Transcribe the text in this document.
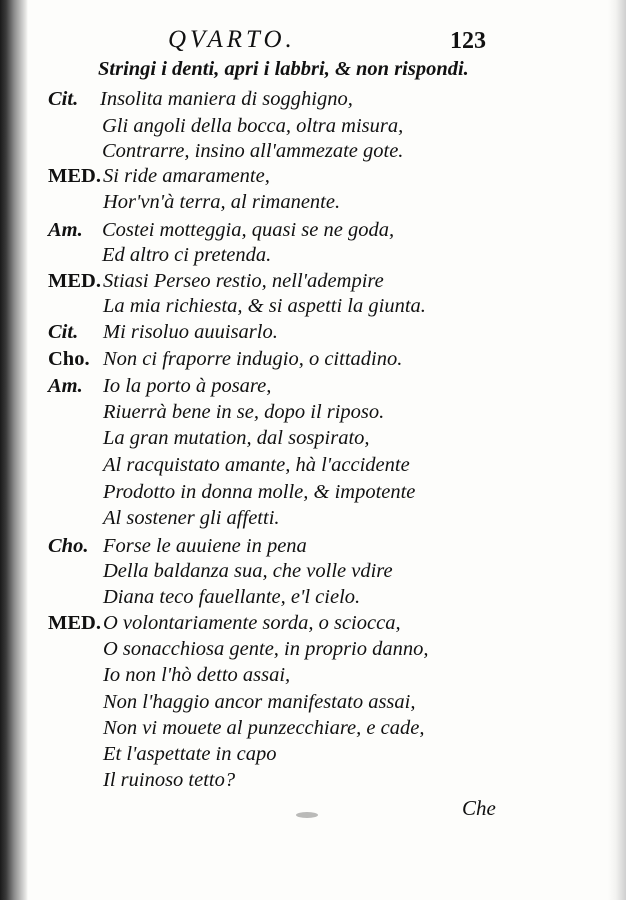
QVARTO.	123
Stringi i denti, apri i labbri, & non rispondi.
Cit. Insolita maniera di sogghigno,
Gli angoli della bocca, oltra misura,
Contrarre, insino all'ammezate gote.
MED. Si ride amaramente,
Hor'vn'à terra, al rimanente.
Am. Costei motteggia, quasi se ne goda,
Ed altro ci pretenda.
MED. Stiasi Perseo restio, nell'adempire
La mia richiesta, & si aspetti la giunta.
Cit. Mi risoluo auuisarlo.
Cho. Non ci fraporre indugio, o cittadino.
Am. Io la porto à posare,
Riuerrà bene in se, dopo il riposo.
La gran mutation, dal sospirato,
Al racquistato amante, hà l'accidente
Prodotto in donna molle, & impotente
Al sostener gli affetti.
Cho. Forse le auuiene in pena
Della baldanza sua, che volle vdire
Diana teco fauellante, e'l cielo.
MED. O volontariamente sorda, o sciocca,
O sonacchiosa gente, in proprio danno,
Io non l'hò detto assai,
Non l'haggio ancor manifestato assai,
Non vi mouete al punzecchiare, e cade,
Et l'aspettate in capo
Il ruinoso tetto?
Che
